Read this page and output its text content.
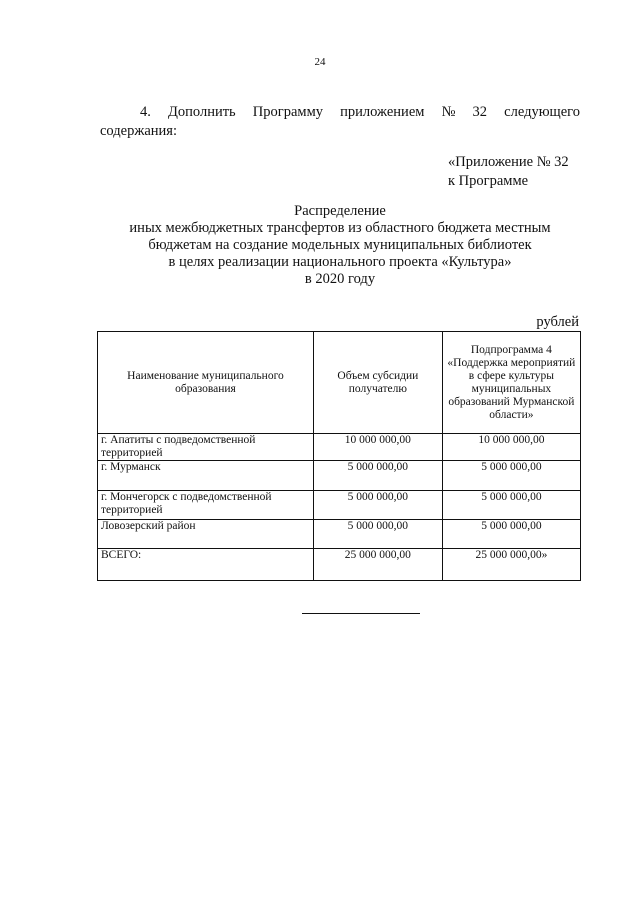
24
4. Дополнить Программу приложением № 32 следующего
содержания:
«Приложение № 32
к Программе
Распределение
иных межбюджетных трансфертов из областного бюджета местным
бюджетам на создание модельных муниципальных библиотек
в целях реализации национального проекта «Культура»
в 2020 году
рублей
Наименование муниципального образования	Объем субсидии получателю	Подпрограмма 4 «Поддержка мероприятий в сфере культуры муниципальных образований Мурманской области»
г. Апатиты с подведомственной территорией	10 000 000,00	10 000 000,00
г. Мурманск	5 000 000,00	5 000 000,00
г. Мончегорск с подведомственной территорией	5 000 000,00	5 000 000,00
Ловозерский район	5 000 000,00	5 000 000,00
ВСЕГО:	25 000 000,00	25 000 000,00»
